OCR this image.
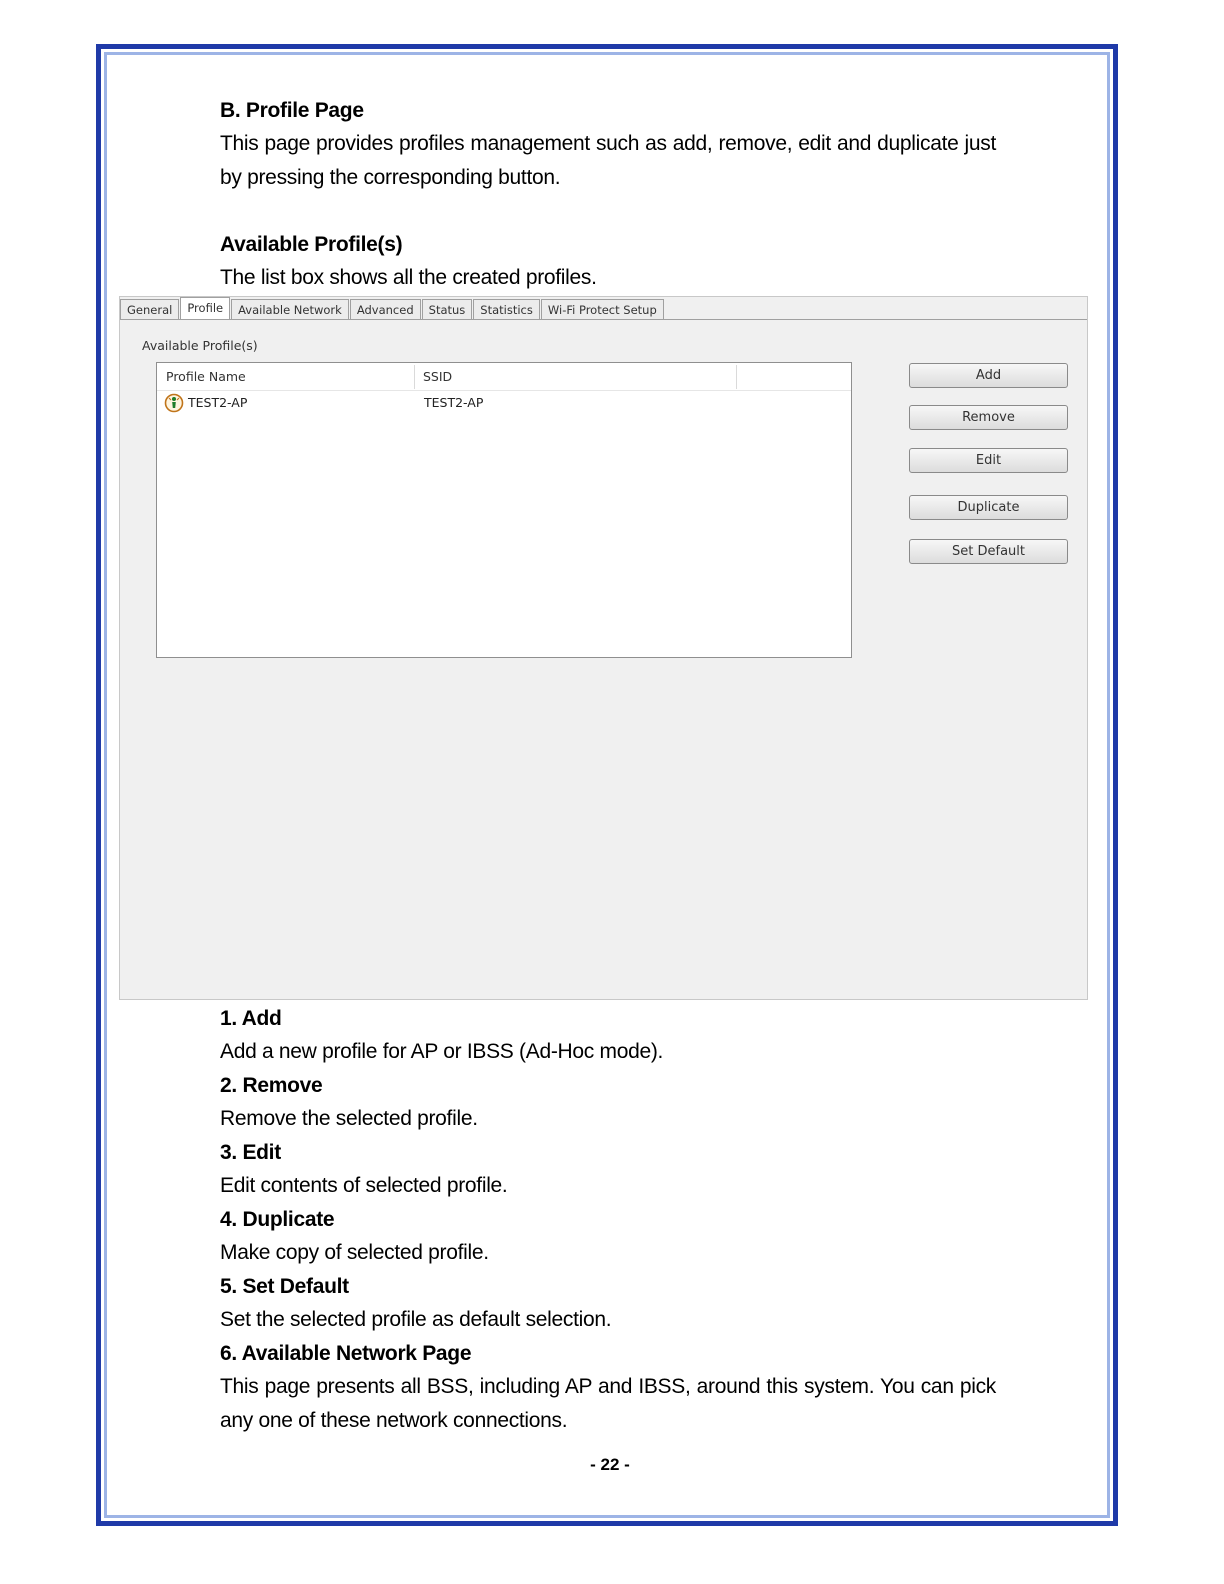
B. Profile Page
This page provides profiles management such as add, remove, edit and duplicate just by pressing the corresponding button.
Available Profile(s)
The list box shows all the created profiles.
General	Profile	Available Network	Advanced	Status	Statistics	Wi-Fi Protect Setup
Available Profile(s)
Profile Name	SSID
TEST2-AP	TEST2-AP
Add
Remove
Edit
Duplicate
Set Default
1. Add
Add a new profile for AP or IBSS (Ad-Hoc mode).
2. Remove
Remove the selected profile.
3. Edit
Edit contents of selected profile.
4. Duplicate
Make copy of selected profile.
5. Set Default
Set the selected profile as default selection.
6. Available Network Page
This page presents all BSS, including AP and IBSS, around this system. You can pick any one of these network connections.
- 22 -
